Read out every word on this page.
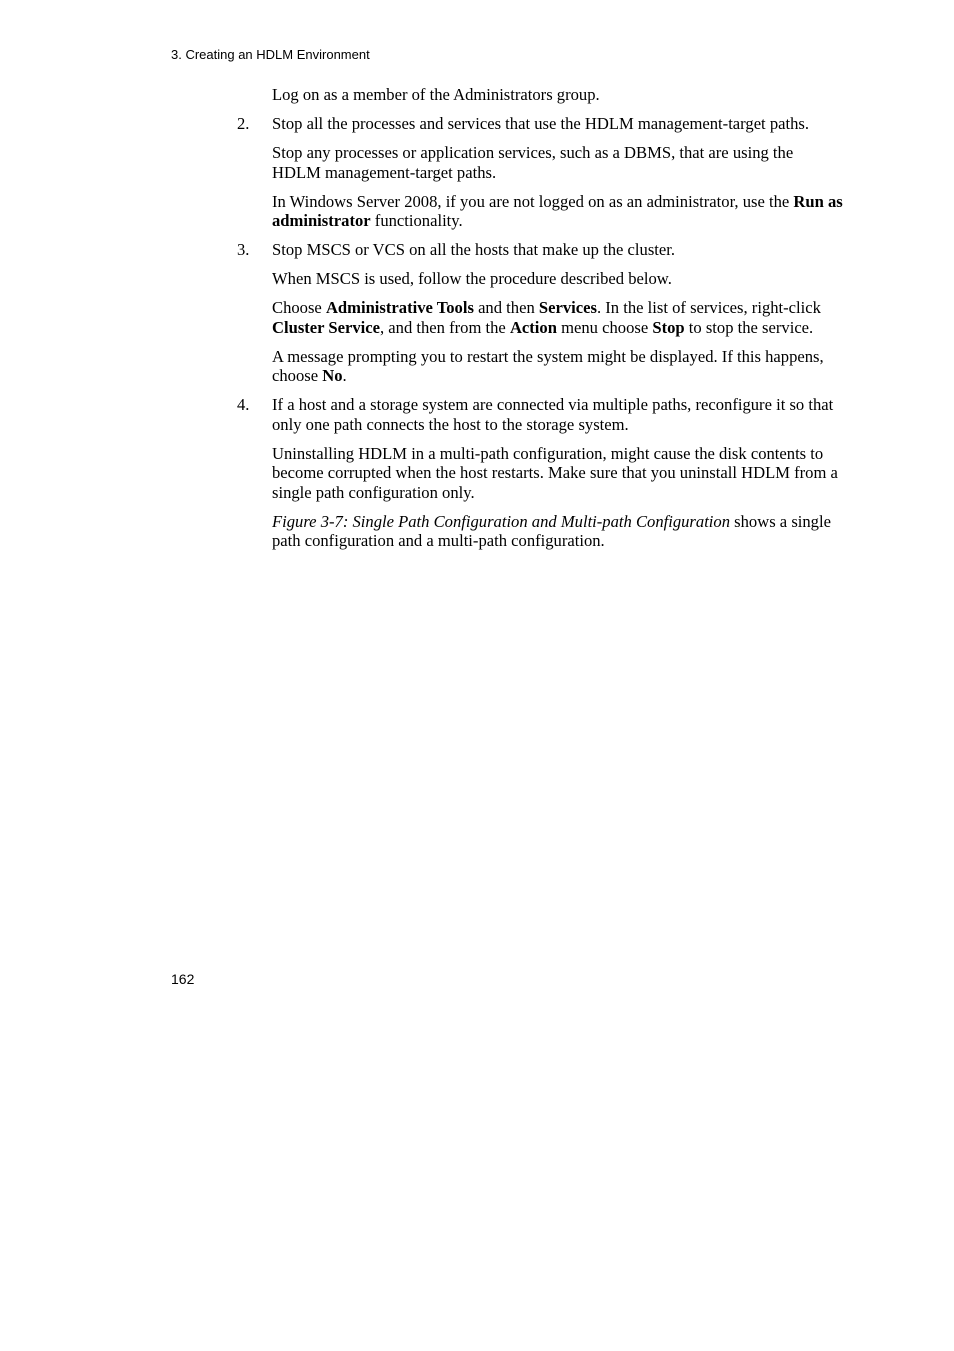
3. Creating an HDLM Environment

Log on as a member of the Administrators group.

2. Stop all the processes and services that use the HDLM management-target paths.

Stop any processes or application services, such as a DBMS, that are using the HDLM management-target paths.

In Windows Server 2008, if you are not logged on as an administrator, use the Run as administrator functionality.

3. Stop MSCS or VCS on all the hosts that make up the cluster.

When MSCS is used, follow the procedure described below.

Choose Administrative Tools and then Services. In the list of services, right-click Cluster Service, and then from the Action menu choose Stop to stop the service.

A message prompting you to restart the system might be displayed. If this happens, choose No.

4. If a host and a storage system are connected via multiple paths, reconfigure it so that only one path connects the host to the storage system.

Uninstalling HDLM in a multi-path configuration, might cause the disk contents to become corrupted when the host restarts. Make sure that you uninstall HDLM from a single path configuration only.

Figure 3-7: Single Path Configuration and Multi-path Configuration shows a single path configuration and a multi-path configuration.

162
